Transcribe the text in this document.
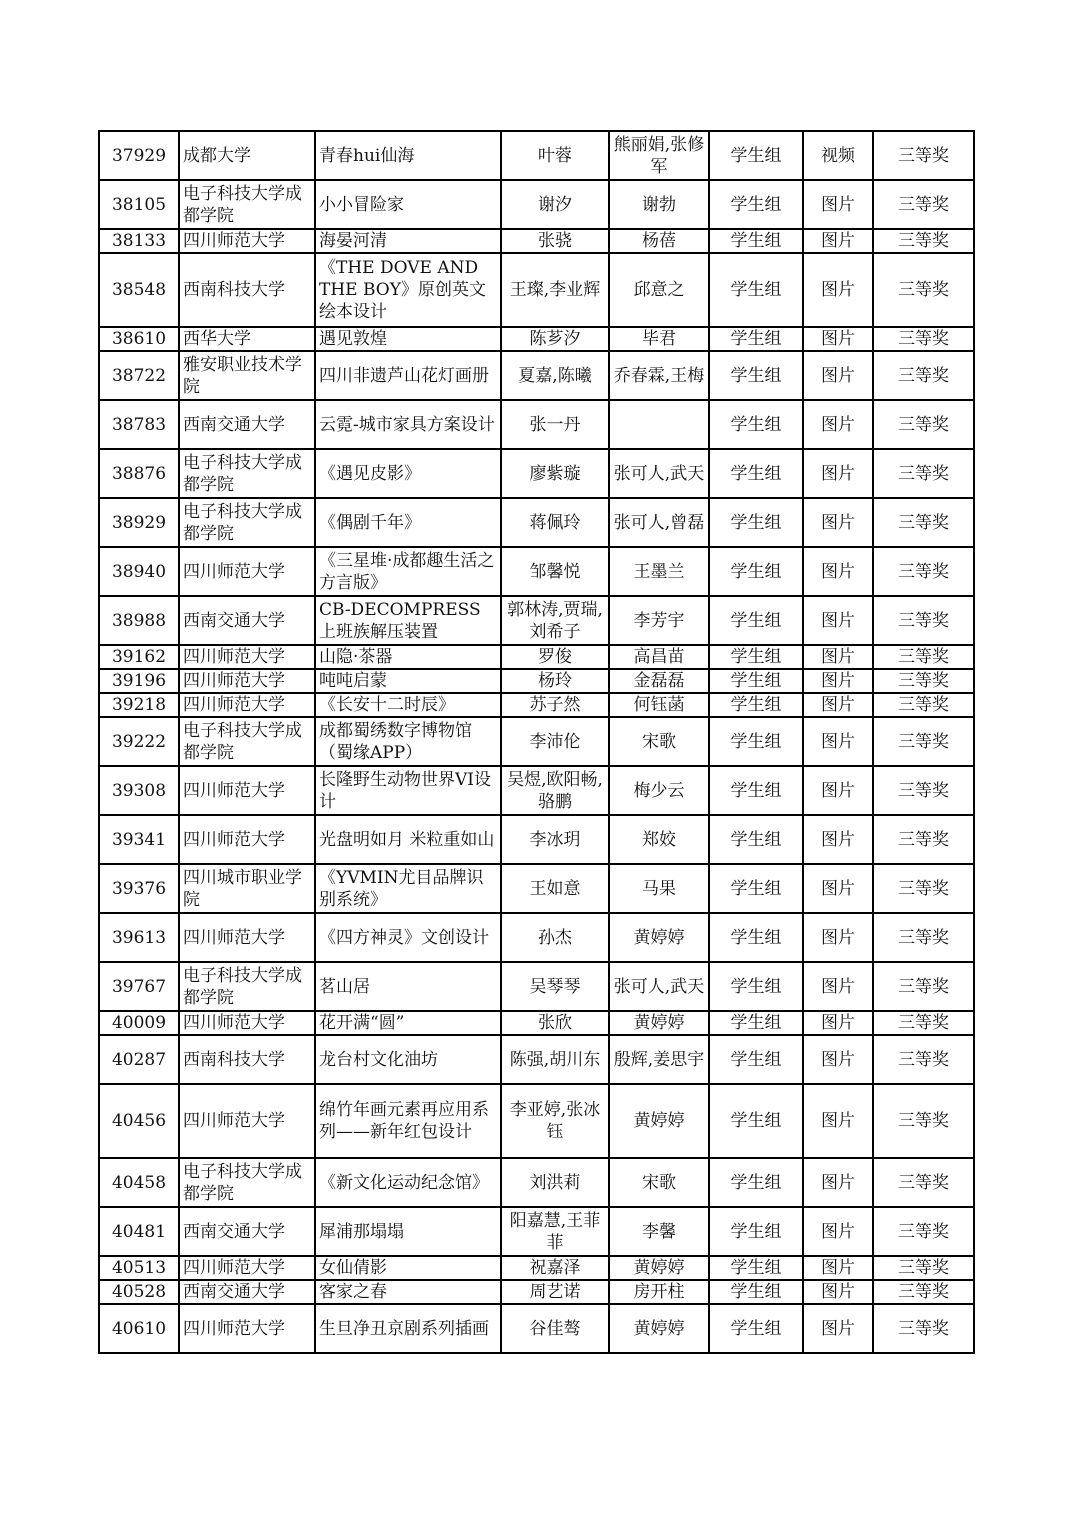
37929	成都大学	青春hui仙海	叶蓉	熊丽娟,张修军	学生组	视频	三等奖
38105	电子科技大学成都学院	小小冒险家	谢汐	谢勃	学生组	图片	三等奖
38133	四川师范大学	海晏河清	张骁	杨蓓	学生组	图片	三等奖
38548	西南科技大学	《THE DOVE AND THE BOY》原创英文绘本设计	王璨,李业辉	邱意之	学生组	图片	三等奖
38610	西华大学	遇见敦煌	陈芗汐	毕君	学生组	图片	三等奖
38722	雅安职业技术学院	四川非遗芦山花灯画册	夏嘉,陈曦	乔春霖,王梅	学生组	图片	三等奖
38783	西南交通大学	云霓-城市家具方案设计	张一丹		学生组	图片	三等奖
38876	电子科技大学成都学院	《遇见皮影》	廖紫璇	张可人,武天	学生组	图片	三等奖
38929	电子科技大学成都学院	《偶剧千年》	蒋佩玲	张可人,曾磊	学生组	图片	三等奖
38940	四川师范大学	《三星堆·成都趣生活之方言版》	邹馨悦	王墨兰	学生组	图片	三等奖
38988	西南交通大学	CB-DECOMPRESS上班族解压装置	郭林涛,贾瑞,刘希子	李芳宇	学生组	图片	三等奖
39162	四川师范大学	山隐·茶器	罗俊	高昌苗	学生组	图片	三等奖
39196	四川师范大学	吨吨启蒙	杨玲	金磊磊	学生组	图片	三等奖
39218	四川师范大学	《长安十二时辰》	苏子然	何钰菡	学生组	图片	三等奖
39222	电子科技大学成都学院	成都蜀绣数字博物馆（蜀缘APP）	李沛伦	宋歌	学生组	图片	三等奖
39308	四川师范大学	长隆野生动物世界VI设计	吴煜,欧阳畅,骆鹏	梅少云	学生组	图片	三等奖
39341	四川师范大学	光盘明如月 米粒重如山	李冰玥	郑姣	学生组	图片	三等奖
39376	四川城市职业学院	《YVMIN尤目品牌识别系统》	王如意	马果	学生组	图片	三等奖
39613	四川师范大学	《四方神灵》文创设计	孙杰	黄婷婷	学生组	图片	三等奖
39767	电子科技大学成都学院	茗山居	吴琴琴	张可人,武天	学生组	图片	三等奖
40009	四川师范大学	花开满“圆”	张欣	黄婷婷	学生组	图片	三等奖
40287	西南科技大学	龙台村文化油坊	陈强,胡川东	殷辉,姜思宇	学生组	图片	三等奖
40456	四川师范大学	绵竹年画元素再应用系列——新年红包设计	李亚婷,张冰钰	黄婷婷	学生组	图片	三等奖
40458	电子科技大学成都学院	《新文化运动纪念馆》	刘洪莉	宋歌	学生组	图片	三等奖
40481	西南交通大学	犀浦那塌塌	阳嘉慧,王菲菲	李馨	学生组	图片	三等奖
40513	四川师范大学	女仙倩影	祝嘉泽	黄婷婷	学生组	图片	三等奖
40528	西南交通大学	客家之春	周艺诺	房开柱	学生组	图片	三等奖
40610	四川师范大学	生旦净丑京剧系列插画	谷佳骜	黄婷婷	学生组	图片	三等奖
